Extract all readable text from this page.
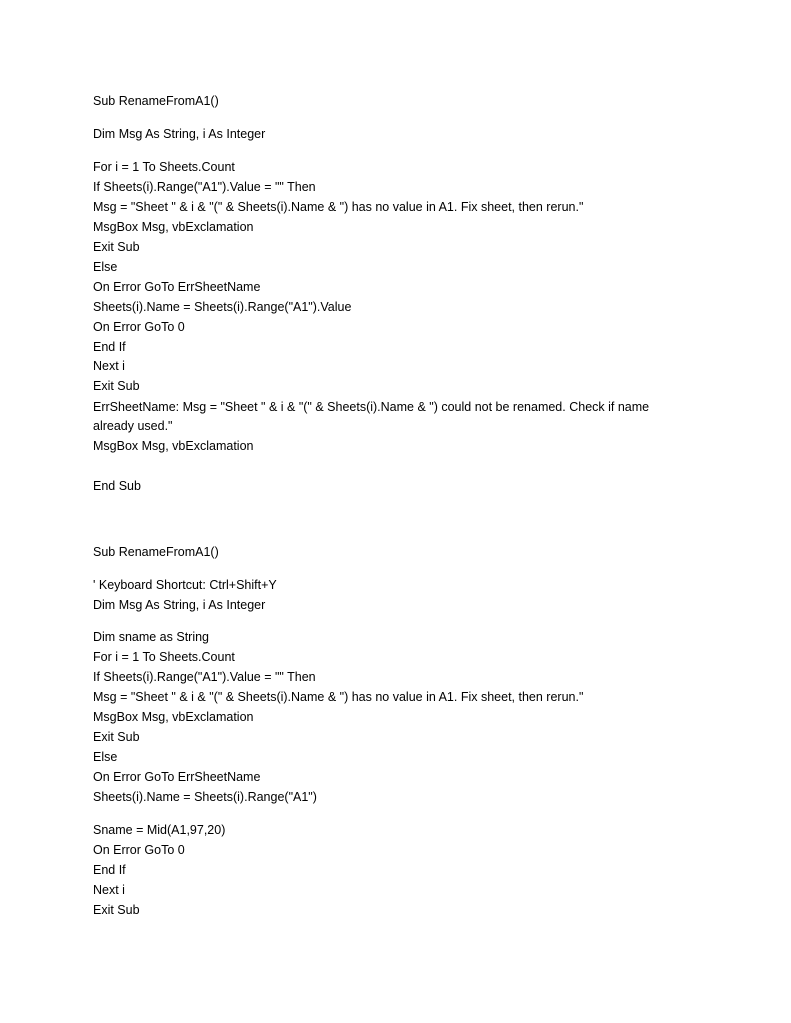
Sub RenameFromA1()
Dim Msg As String, i As Integer
For i = 1 To Sheets.Count
If Sheets(i).Range("A1").Value = "" Then
Msg = "Sheet " & i & "(" & Sheets(i).Name & ") has no value in A1. Fix sheet, then rerun."
MsgBox Msg, vbExclamation
Exit Sub
Else
On Error GoTo ErrSheetName
Sheets(i).Name = Sheets(i).Range("A1").Value
On Error GoTo 0
End If
Next i
Exit Sub
ErrSheetName: Msg = "Sheet " & i & "(" & Sheets(i).Name & ") could not be renamed. Check if name
already used."
MsgBox Msg, vbExclamation
End Sub
Sub RenameFromA1()
' Keyboard Shortcut: Ctrl+Shift+Y
Dim Msg As String, i As Integer
Dim sname as String
For i = 1 To Sheets.Count
If Sheets(i).Range("A1").Value = "" Then
Msg = "Sheet " & i & "(" & Sheets(i).Name & ") has no value in A1. Fix sheet, then rerun."
MsgBox Msg, vbExclamation
Exit Sub
Else
On Error GoTo ErrSheetName
Sheets(i).Name = Sheets(i).Range("A1")
Sname = Mid(A1,97,20)
On Error GoTo 0
End If
Next i
Exit Sub
